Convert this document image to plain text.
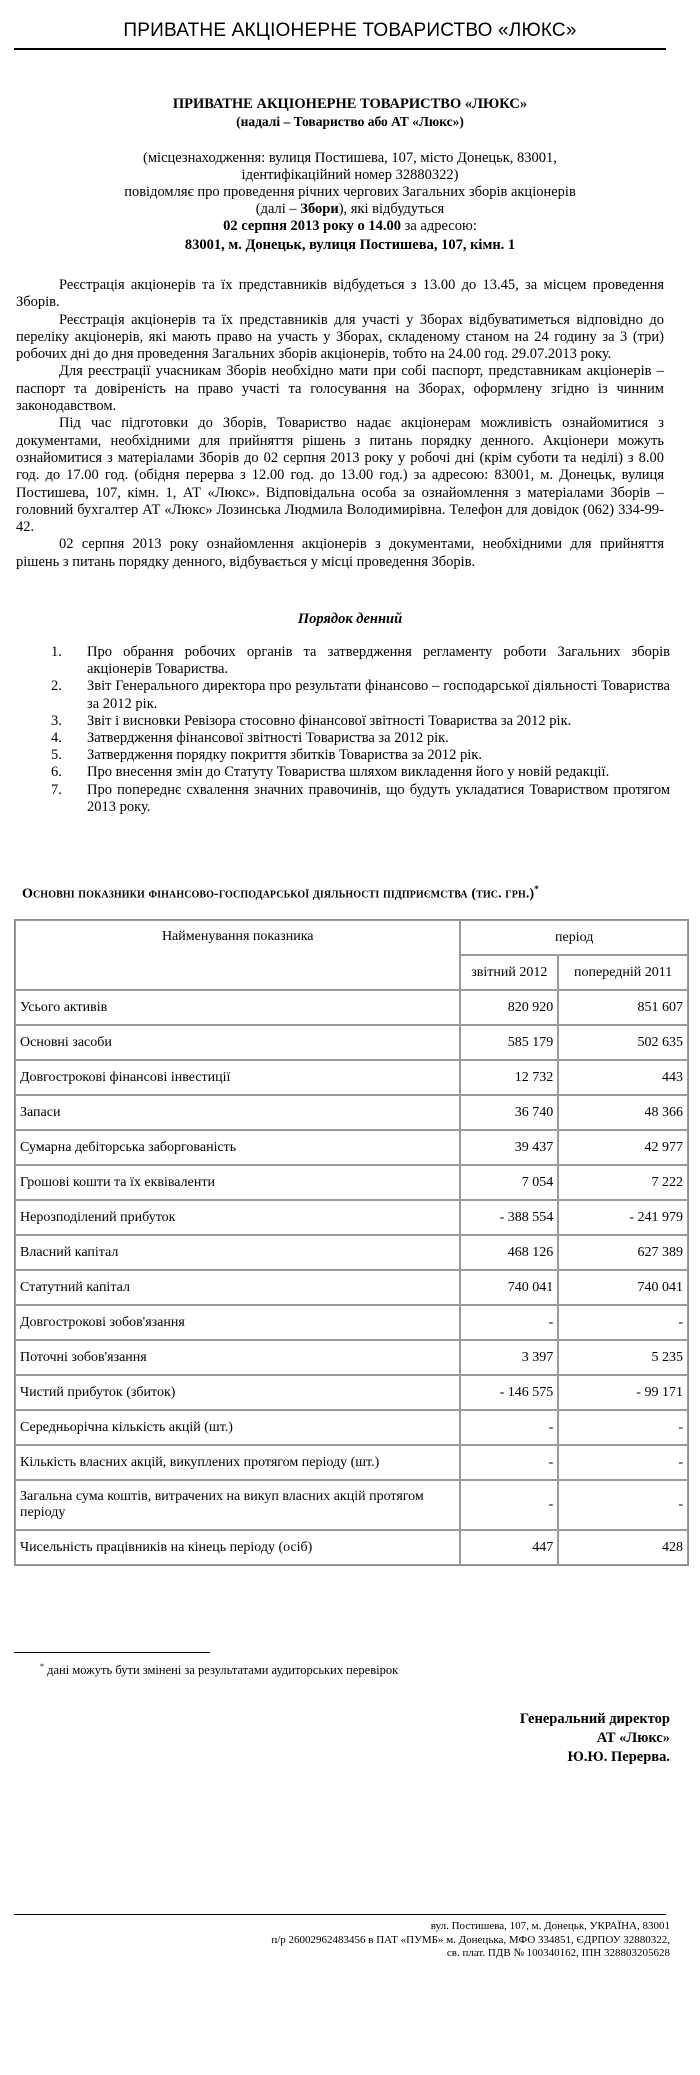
ПРИВАТНЕ АКЦІОНЕРНЕ ТОВАРИСТВО «ЛЮКС»
ПРИВАТНЕ АКЦІОНЕРНЕ ТОВАРИСТВО «ЛЮКС»
(надалі – Товариство або АТ «Люкс»)
(місцезнаходження: вулиця Постишева, 107, місто Донецьк, 83001,
ідентифікаційний номер 32880322)
повідомляє про проведення річних чергових Загальних зборів акціонерів
(далі – Збори), які відбудуться
02 серпня 2013 року о 14.00 за адресою:
83001, м. Донецьк, вулиця Постишева, 107, кімн. 1

Реєстрація акціонерів та їх представників відбудеться з 13.00 до 13.45, за місцем проведення Зборів.

Реєстрація акціонерів та їх представників для участі у Зборах відбуватиметься відповідно до переліку акціонерів, які мають право на участь у Зборах, складеному станом на 24 годину за 3 (три) робочих дні до дня проведення Загальних зборів акціонерів, тобто на 24.00 год. 29.07.2013 року.

Для реєстрації учасникам Зборів необхідно мати при собі паспорт, представникам акціонерів – паспорт та довіреність на право участі та голосування на Зборах, оформлену згідно із чинним законодавством.

Під час підготовки до Зборів, Товариство надає акціонерам можливість ознайомитися з документами, необхідними для прийняття рішень з питань порядку денного. Акціонери можуть ознайомитися з матеріалами Зборів до 02 серпня 2013 року у робочі дні (крім суботи та неділі) з 8.00 год. до 17.00 год. (обідня перерва з 12.00 год. до 13.00 год.) за адресою: 83001, м. Донецьк, вулиця Постишева, 107, кімн. 1, АТ «Люкс». Відповідальна особа за ознайомлення з матеріалами Зборів – головний бухгалтер АТ «Люкс» Лозинська Людмила Володимирівна. Телефон для довідок (062) 334-99-42.

02 серпня 2013 року ознайомлення акціонерів з документами, необхідними для прийняття рішень з питань порядку денного, відбувається у місці проведення Зборів.

Порядок денний
1. Про обрання робочих органів та затвердження регламенту роботи Загальних зборів акціонерів Товариства.
2. Звіт Генерального директора про результати фінансово – господарської діяльності Товариства за 2012 рік.
3. Звіт і висновки Ревізора стосовно фінансової звітності Товариства за 2012 рік.
4. Затвердження фінансової звітності Товариства за 2012 рік.
5. Затвердження порядку покриття збитків Товариства за 2012 рік.
6. Про внесення змін до Статуту Товариства шляхом викладення його у новій редакції.
7. Про попереднє схвалення значних правочинів, що будуть укладатися Товариством протягом 2013 року.
Основні показники фінансово-господарської діяльності підприємства (тис. грн.)*
Найменування показника	період	
	звітний 2012	попередній 2011
Усього активів	820 920	851 607
Основні засоби	585 179	502 635
Довгострокові фінансові інвестиції	12 732	443
Запаси	36 740	48 366
Сумарна дебіторська заборгованість	39 437	42 977
Грошові кошти та їх еквіваленти	7 054	7 222
Нерозподілений прибуток	- 388 554	- 241 979
Власний капітал	468 126	627 389
Статутний капітал	740 041	740 041
Довгострокові зобов'язання	-	-
Поточні зобов'язання	3 397	5 235
Чистий прибуток (збиток)	- 146 575	- 99 171
Середньорічна кількість акцій (шт.)	-	-
Кількість власних акцій, викуплених протягом періоду (шт.)	-	-
Загальна сума коштів, витрачених на викуп власних акцій протягом періоду	-	-
Чисельність працівників на кінець періоду (осіб)	447	428
* дані можуть бути змінені за результатами аудиторських перевірок
Генеральний директор
АТ «Люкс»
Ю.Ю. Перерва.
вул. Постишева, 107, м. Донецьк, УКРАЇНА, 83001
п/р 26002962483456 в ПАТ «ПУМБ» м. Донецька, МФО 334851, ЄДРПОУ 32880322,
св. плат. ПДВ № 100340162, ІПН 328803205628
